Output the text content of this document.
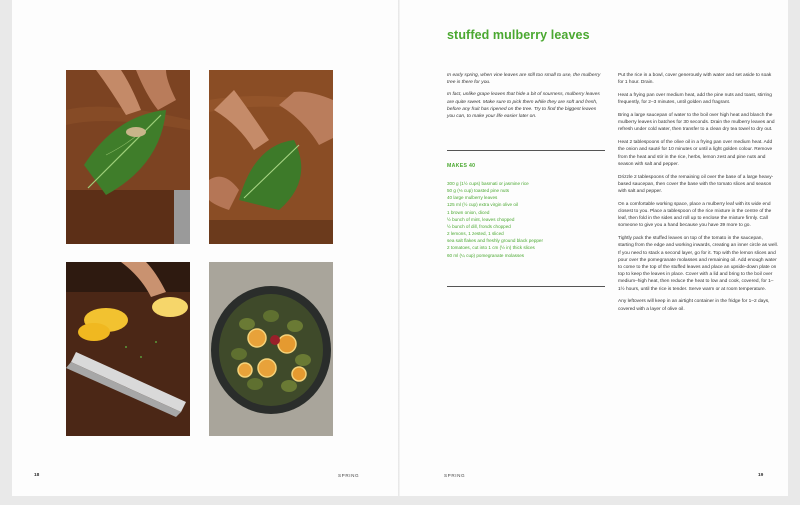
18	SPRING
stuffed mulberry leaves

In early spring, when vine leaves are still too small to use, the mulberry tree is there for you.

In fact, unlike grape leaves that hide a bit of sourness, mulberry leaves are quite sweet. Make sure to pick them while they are soft and fresh, before any fruit has ripened on the tree. Try to find the biggest leaves you can, to make your life easier later on.

MAKES 40
300 g (1½ cups) basmati or jasmine rice
50 g (⅓ cup) toasted pine nuts
40 large mulberry leaves
125 ml (½ cup) extra virgin olive oil
1 brown onion, diced
½ bunch of mint, leaves chopped
½ bunch of dill, fronds chopped
2 lemons, 1 zested, 1 sliced
sea salt flakes and freshly ground black pepper
2 tomatoes, cut into 1 cm (½ in) thick slices
60 ml (¼ cup) pomegranate molasses

Put the rice in a bowl, cover generously with water and set aside to soak for 1 hour. Drain.

Heat a frying pan over medium heat, add the pine nuts and toast, stirring frequently, for 2–3 minutes, until golden and fragrant.

Bring a large saucepan of water to the boil over high heat and blanch the mulberry leaves in batches for 30 seconds. Drain the mulberry leaves and refresh under cold water, then transfer to a clean dry tea towel to dry out.

Heat 2 tablespoons of the olive oil in a frying pan over medium heat. Add the onion and sauté for 10 minutes or until a light golden colour. Remove from the heat and stir in the rice, herbs, lemon zest and pine nuts and season with salt and pepper.

Drizzle 2 tablespoons of the remaining oil over the base of a large heavy-based saucepan, then cover the base with the tomato slices and season with salt and pepper.

On a comfortable working space, place a mulberry leaf with its wide end closest to you. Place a tablespoon of the rice mixture in the centre of the leaf, then fold in the sides and roll up to enclose the mixture firmly. Call someone to give you a hand because you have 39 more to go.

Tightly pack the stuffed leaves on top of the tomato in the saucepan, starting from the edge and working inwards, creating an inner circle as well. If you need to stack a second layer, go for it. Top with the lemon slices and pour over the pomegranate molasses and remaining oil. Add enough water to come to the top of the stuffed leaves and place an upside-down plate on top to keep the leaves in place. Cover with a lid and bring to the boil over medium–high heat, then reduce the heat to low and cook, covered, for 1–1½ hours, until the rice is tender. Serve warm or at room temperature.

Any leftovers will keep in an airtight container in the fridge for 1–2 days, covered with a layer of olive oil.

SPRING	19
